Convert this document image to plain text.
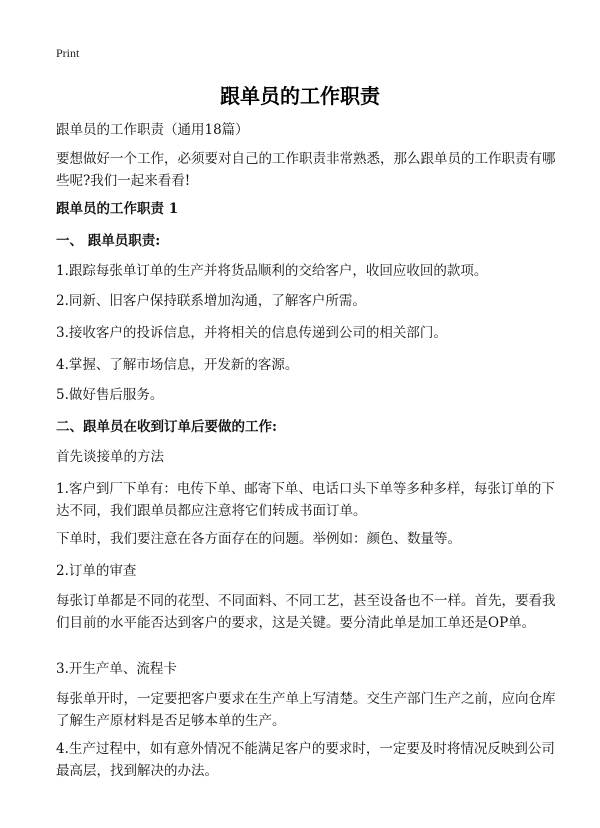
Print
跟单员的工作职责
跟单员的工作职责（通用18篇）
要想做好一个工作，必须要对自己的工作职责非常熟悉，那么跟单员的工作职责有哪些呢?我们一起来看看!
跟单员的工作职责 1
一、 跟单员职责:
1.跟踪每张单订单的生产并将货品顺利的交给客户，收回应收回的款项。
2.同新、旧客户保持联系增加沟通，了解客户所需。
3.接收客户的投诉信息，并将相关的信息传递到公司的相关部门。
4.掌握、了解市场信息，开发新的客源。
5.做好售后服务。
二、跟单员在收到订单后要做的工作:
首先谈接单的方法
1.客户到厂下单有：电传下单、邮寄下单、电话口头下单等多种多样，每张订单的下达不同，我们跟单员都应注意将它们转成书面订单。
下单时，我们要注意在各方面存在的问题。举例如：颜色、数量等。
2.订单的审查
每张订单都是不同的花型、不同面料、不同工艺，甚至设备也不一样。首先，要看我们目前的水平能否达到客户的要求，这是关键。要分清此单是加工单还是OP单。
3.开生产单、流程卡
每张单开时，一定要把客户要求在生产单上写清楚。交生产部门生产之前，应向仓库了解生产原材料是否足够本单的生产。
4.生产过程中，如有意外情况不能满足客户的要求时，一定要及时将情况反映到公司最高层，找到解决的办法。
